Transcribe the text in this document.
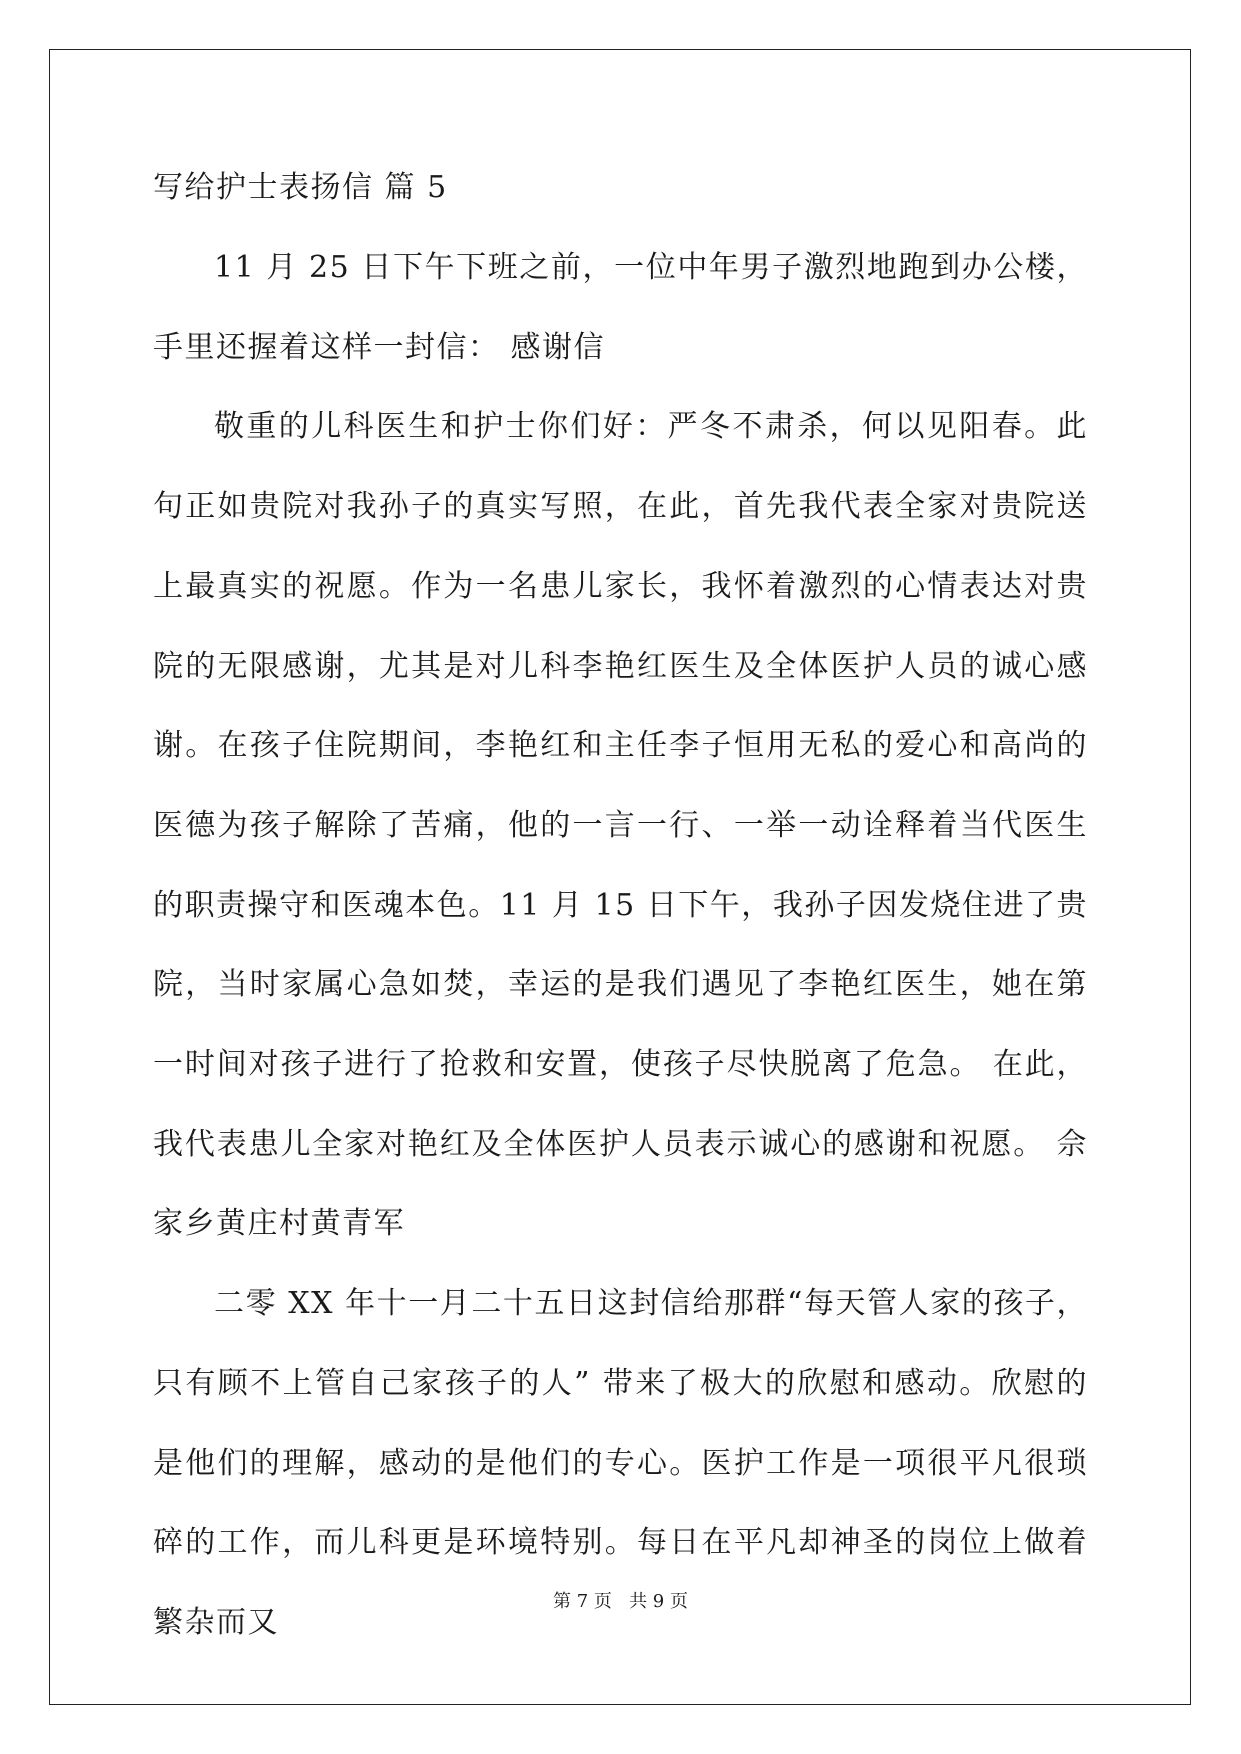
写给护士表扬信 篇 5

11 月 25 日下午下班之前，一位中年男子激烈地跑到办公楼，手里还握着这样一封信： 感谢信

敬重的儿科医生和护士你们好：严冬不肃杀，何以见阳春。此句正如贵院对我孙子的真实写照，在此，首先我代表全家对贵院送上最真实的祝愿。作为一名患儿家长，我怀着激烈的心情表达对贵院的无限感谢，尤其是对儿科李艳红医生及全体医护人员的诚心感谢。在孩子住院期间，李艳红和主任李子恒用无私的爱心和高尚的医德为孩子解除了苦痛，他的一言一行、一举一动诠释着当代医生的职责操守和医魂本色。11 月 15 日下午，我孙子因发烧住进了贵院，当时家属心急如焚，幸运的是我们遇见了李艳红医生，她在第一时间对孩子进行了抢救和安置，使孩子尽快脱离了危急。 在此，我代表患儿全家对艳红及全体医护人员表示诚心的感谢和祝愿。 佘家乡黄庄村黄青军

二零 XX 年十一月二十五日这封信给那群“每天管人家的孩子，只有顾不上管自己家孩子的人” 带来了极大的欣慰和感动。欣慰的是他们的理解，感动的是他们的专心。医护工作是一项很平凡很琐碎的工作，而儿科更是环境特别。每日在平凡却神圣的岗位上做着繁杂而又

第 7 页   共 9 页
